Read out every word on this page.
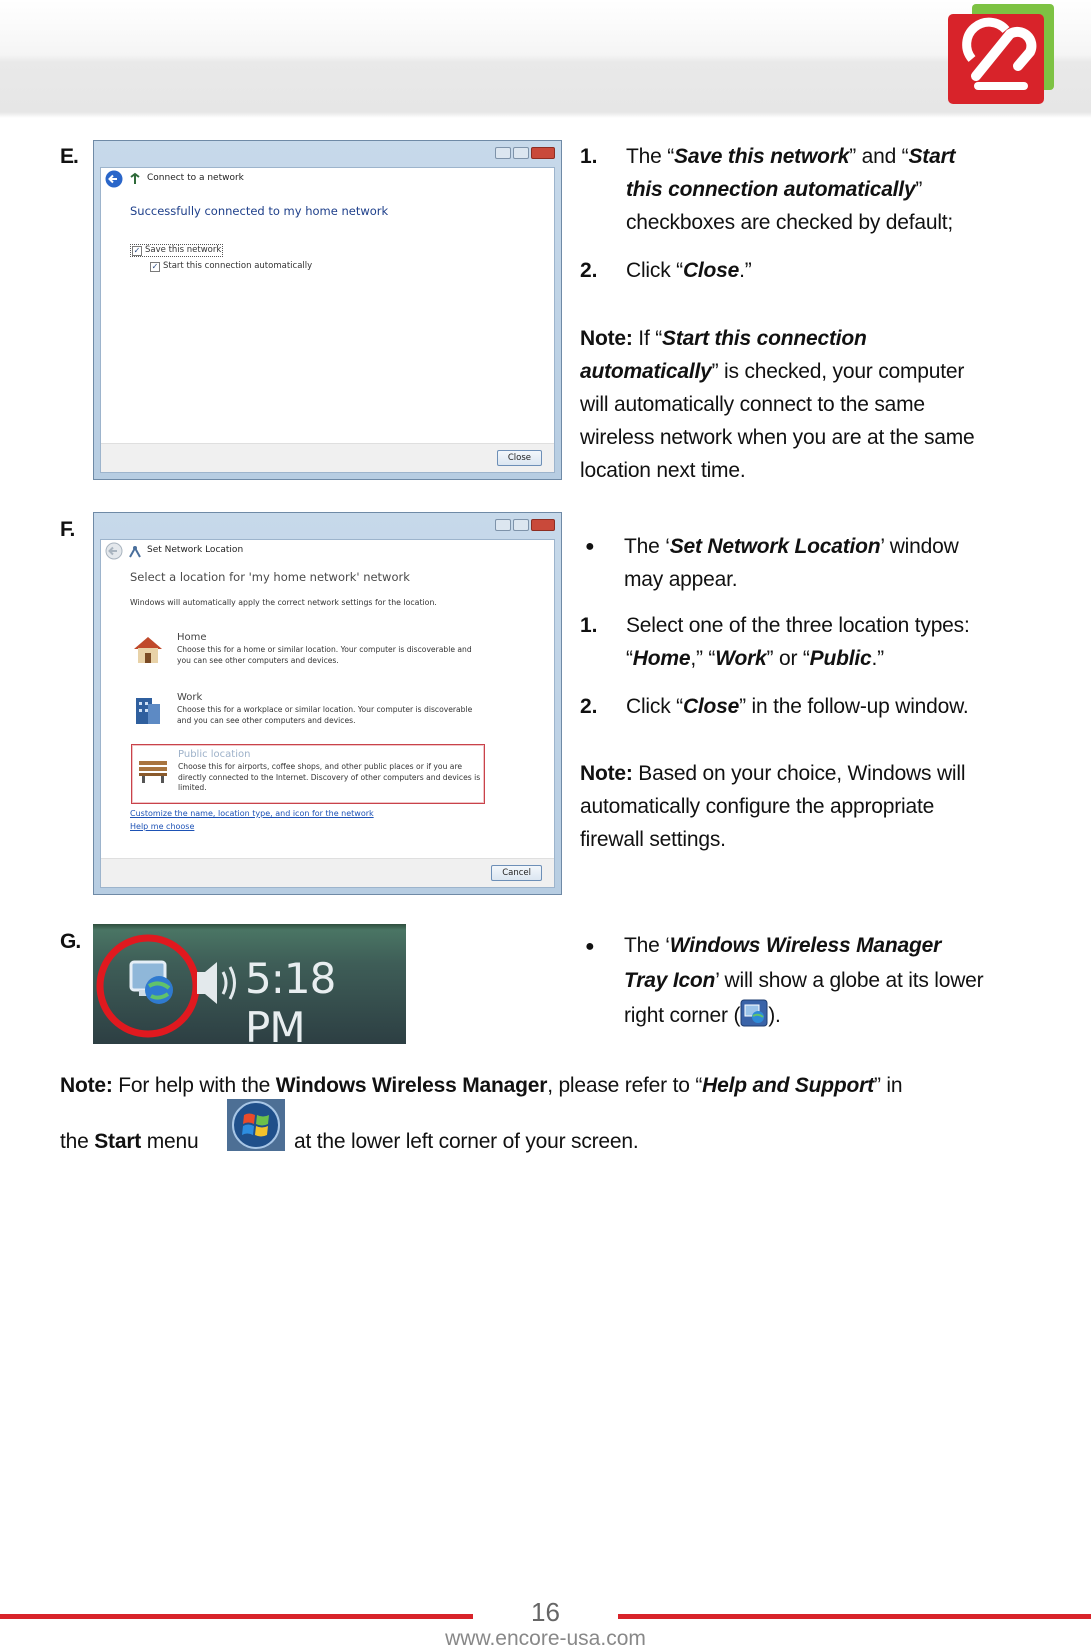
E.
Connect to a network
Successfully connected to my home network
✓ Save this network
✓ Start this connection automatically
Close
1. The “Save this network” and “Start
this connection automatically”
checkboxes are checked by default;
2. Click “Close.”
Note: If “Start this connection
automatically” is checked, your computer
will automatically connect to the same
wireless network when you are at the same
location next time.
F.
Set Network Location
Select a location for 'my home network' network
Windows will automatically apply the correct network settings for the location.
Home
Choose this for a home or similar location. Your computer is discoverable and you can see other computers and devices.
Work
Choose this for a workplace or similar location. Your computer is discoverable and you can see other computers and devices.
Public location
Choose this for airports, coffee shops, and other public places or if you are directly connected to the Internet. Discovery of other computers and devices is limited.
Customize the name, location type, and icon for the network
Help me choose
Cancel
● The ‘Set Network Location’ window
may appear.
1. Select one of the three location types:
“Home,” “Work” or “Public.”
2. Click “Close” in the follow-up window.
Note: Based on your choice, Windows will
automatically configure the appropriate
firewall settings.
G.
5:18 PM
● The ‘Windows Wireless Manager
Tray Icon’ will show a globe at its lower
right corner ( ).
Note: For help with the Windows Wireless Manager, please refer to “Help and Support” in
the Start menu	at the lower left corner of your screen.
16
www.encore-usa.com
